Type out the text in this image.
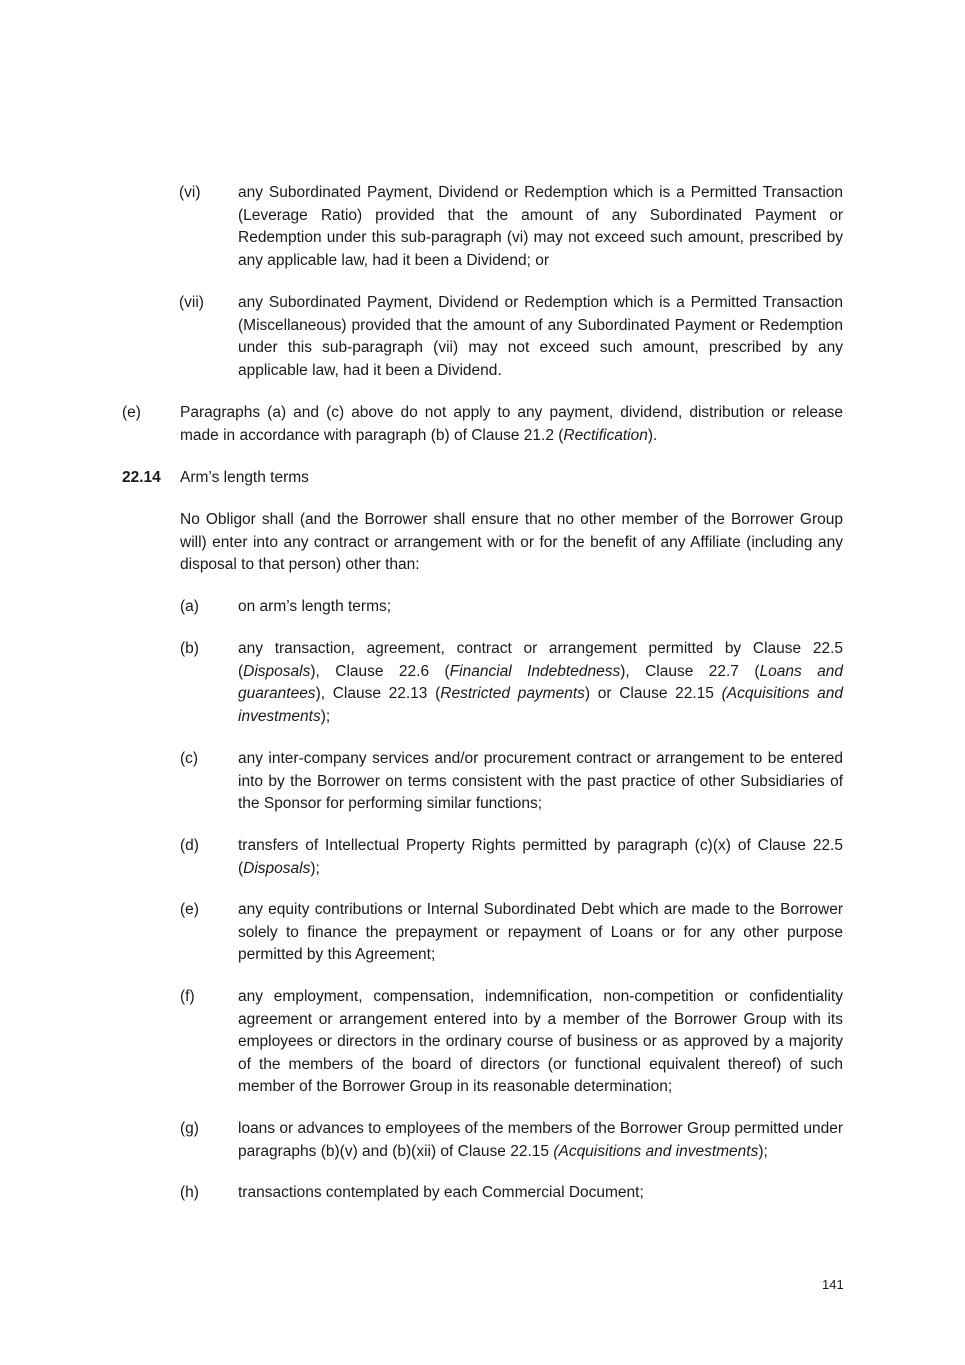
(vi) any Subordinated Payment, Dividend or Redemption which is a Permitted Transaction (Leverage Ratio) provided that the amount of any Subordinated Payment or Redemption under this sub-paragraph (vi) may not exceed such amount, prescribed by any applicable law, had it been a Dividend; or
(vii) any Subordinated Payment, Dividend or Redemption which is a Permitted Transaction (Miscellaneous) provided that the amount of any Subordinated Payment or Redemption under this sub-paragraph (vii) may not exceed such amount, prescribed by any applicable law, had it been a Dividend.
(e)	Paragraphs (a) and (c) above do not apply to any payment, dividend, distribution or release made in accordance with paragraph (b) of Clause 21.2 (Rectification).
22.14 Arm’s length terms
No Obligor shall (and the Borrower shall ensure that no other member of the Borrower Group will) enter into any contract or arrangement with or for the benefit of any Affiliate (including any disposal to that person) other than:
(a)	on arm’s length terms;
(b)	any transaction, agreement, contract or arrangement permitted by Clause 22.5 (Disposals), Clause 22.6 (Financial Indebtedness), Clause 22.7 (Loans and guarantees), Clause 22.13 (Restricted payments) or Clause 22.15 (Acquisitions and investments);
(c)	any inter-company services and/or procurement contract or arrangement to be entered into by the Borrower on terms consistent with the past practice of other Subsidiaries of the Sponsor for performing similar functions;
(d)	transfers of Intellectual Property Rights permitted by paragraph (c)(x) of Clause 22.5 (Disposals);
(e)	any equity contributions or Internal Subordinated Debt which are made to the Borrower solely to finance the prepayment or repayment of Loans or for any other purpose permitted by this Agreement;
(f)	any employment, compensation, indemnification, non-competition or confidentiality agreement or arrangement entered into by a member of the Borrower Group with its employees or directors in the ordinary course of business or as approved by a majority of the members of the board of directors (or functional equivalent thereof) of such member of the Borrower Group in its reasonable determination;
(g)	loans or advances to employees of the members of the Borrower Group permitted under paragraphs (b)(v) and (b)(xii) of Clause 22.15 (Acquisitions and investments);
(h)	transactions contemplated by each Commercial Document;
141
